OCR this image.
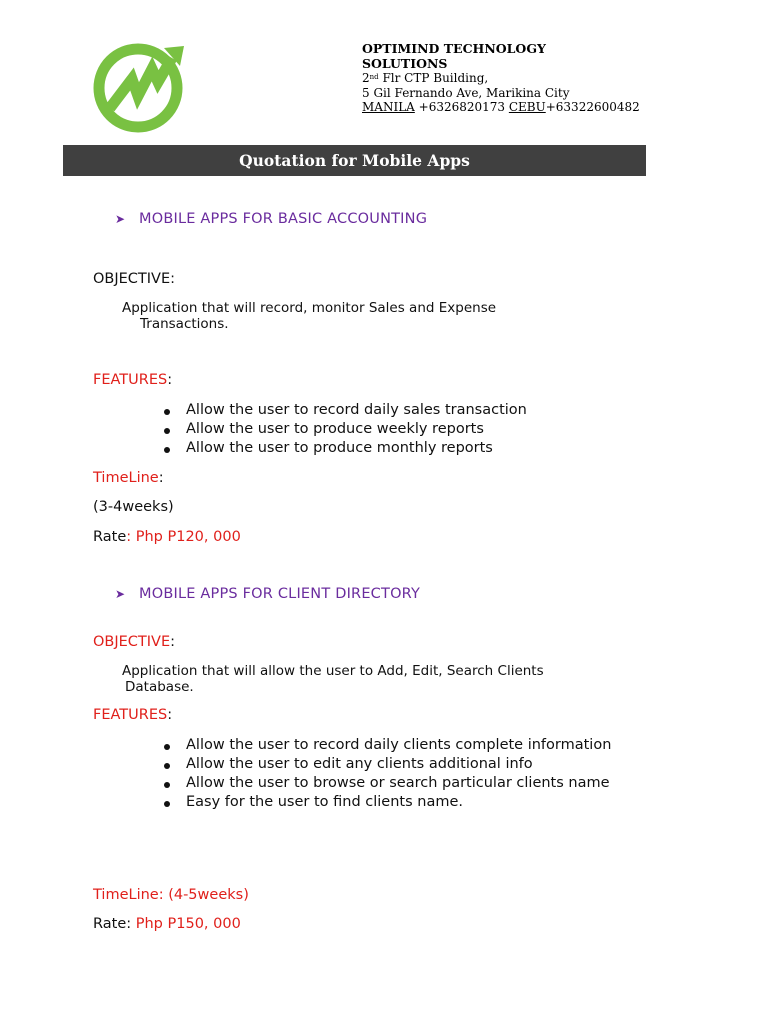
OPTIMIND TECHNOLOGY
SOLUTIONS
2nd Flr CTP Building,
5 Gil Fernando Ave, Marikina City
MANILA +6326820173 CEBU+63322600482
Quotation for Mobile Apps
➤ MOBILE APPS FOR BASIC ACCOUNTING
OBJECTIVE:
Application that will record, monitor Sales and Expense
Transactions.
FEATURES:
Allow the user to record daily sales transaction
Allow the user to produce weekly reports
Allow the user to produce monthly reports
TimeLine:
(3-4weeks)
Rate: Php P120, 000
➤ MOBILE APPS FOR CLIENT DIRECTORY
OBJECTIVE:
Application that will allow the user to Add, Edit, Search Clients
Database.
FEATURES:
Allow the user to record daily clients complete information
Allow the user to edit any clients additional info
Allow the user to browse or search particular clients name
Easy for the user to find clients name.
TimeLine: (4-5weeks)
Rate: Php P150, 000
